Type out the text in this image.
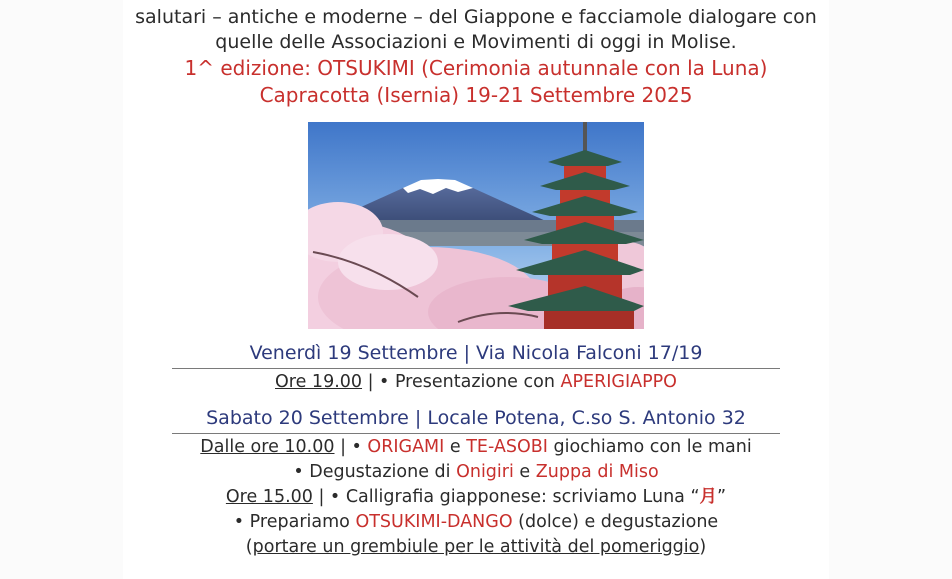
salutari – antiche e moderne – del Giappone e facciamole dialogare con
quelle delle Associazioni e Movimenti di oggi in Molise.
1^ edizione: OTSUKIMI (Cerimonia autunnale con la Luna)
Capracotta (Isernia) 19-21 Settembre 2025
Venerdì 19 Settembre | Via Nicola Falconi 17/19
Ore 19.00 | • Presentazione con APERIGIAPPO
Sabato 20 Settembre | Locale Potena, C.so S. Antonio 32
Dalle ore 10.00 | • ORIGAMI e TE-ASOBI giochiamo con le mani
• Degustazione di Onigiri e Zuppa di Miso
Ore 15.00 | • Calligrafia giapponese: scriviamo Luna “月”
• Prepariamo OTSUKIMI-DANGO (dolce) e degustazione
(portare un grembiule per le attività del pomeriggio)
